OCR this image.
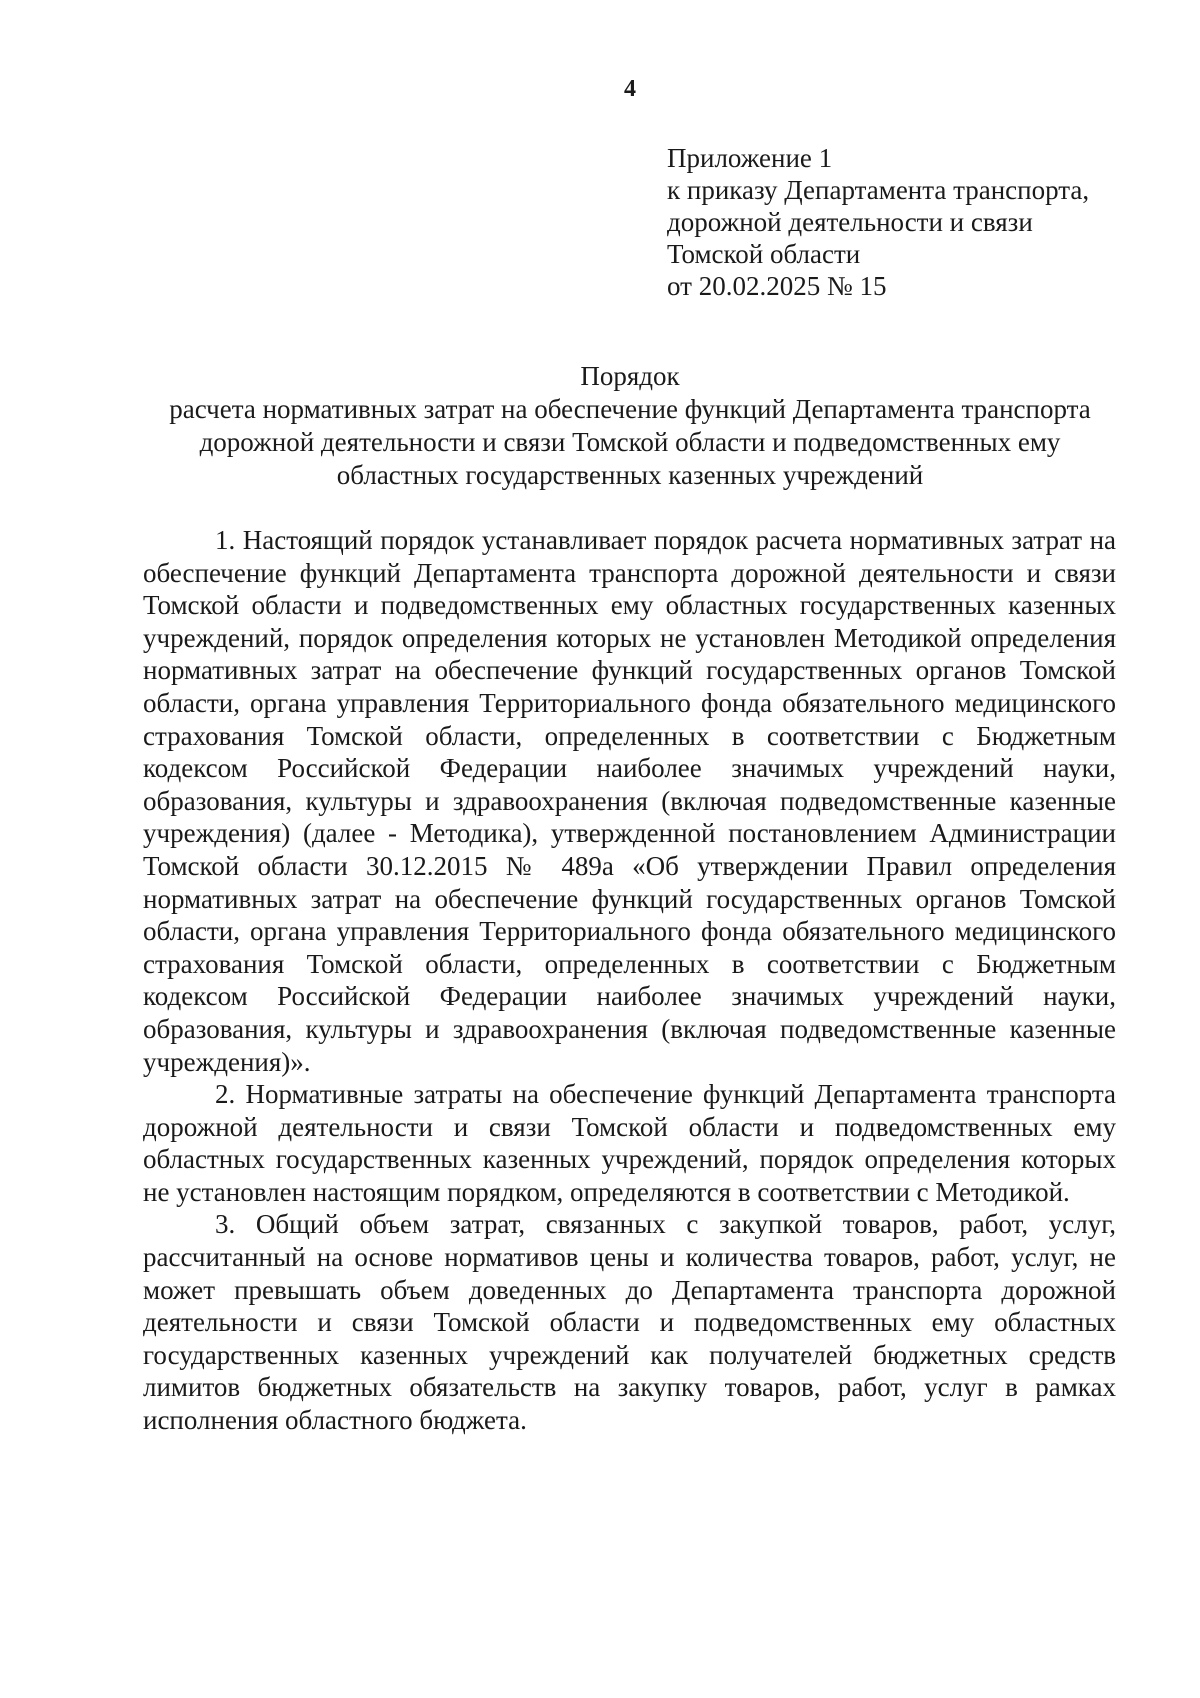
4
Приложение 1
к приказу Департамента транспорта,
дорожной деятельности и связи
Томской области
от 20.02.2025 № 15
Порядок
расчета нормативных затрат на обеспечение функций Департамента транспорта
дорожной деятельности и связи Томской области и подведомственных ему
областных государственных казенных учреждений

1. Настоящий порядок устанавливает порядок расчета нормативных затрат на обеспечение функций Департамента транспорта дорожной деятельности и связи Томской области и подведомственных ему областных государственных казенных учреждений, порядок определения которых не установлен Методикой определения нормативных затрат на обеспечение функций государственных органов Томской области, органа управления Территориального фонда обязательного медицинского страхования Томской области, определенных в соответствии с Бюджетным кодексом Российской Федерации наиболее значимых учреждений науки, образования, культуры и здравоохранения (включая подведомственные казенные учреждения) (далее - Методика), утвержденной постановлением Администрации Томской области 30.12.2015 № 489а «Об утверждении Правил определения нормативных затрат на обеспечение функций государственных органов Томской области, органа управления Территориального фонда обязательного медицинского страхования Томской области, определенных в соответствии с Бюджетным кодексом Российской Федерации наиболее значимых учреждений науки, образования, культуры и здравоохранения (включая подведомственные казенные учреждения)».

2. Нормативные затраты на обеспечение функций Департамента транспорта дорожной деятельности и связи Томской области и подведомственных ему областных государственных казенных учреждений, порядок определения которых не установлен настоящим порядком, определяются в соответствии с Методикой.

3. Общий объем затрат, связанных с закупкой товаров, работ, услуг, рассчитанный на основе нормативов цены и количества товаров, работ, услуг, не может превышать объем доведенных до Департамента транспорта дорожной деятельности и связи Томской области и подведомственных ему областных государственных казенных учреждений как получателей бюджетных средств лимитов бюджетных обязательств на закупку товаров, работ, услуг в рамках исполнения областного бюджета.
